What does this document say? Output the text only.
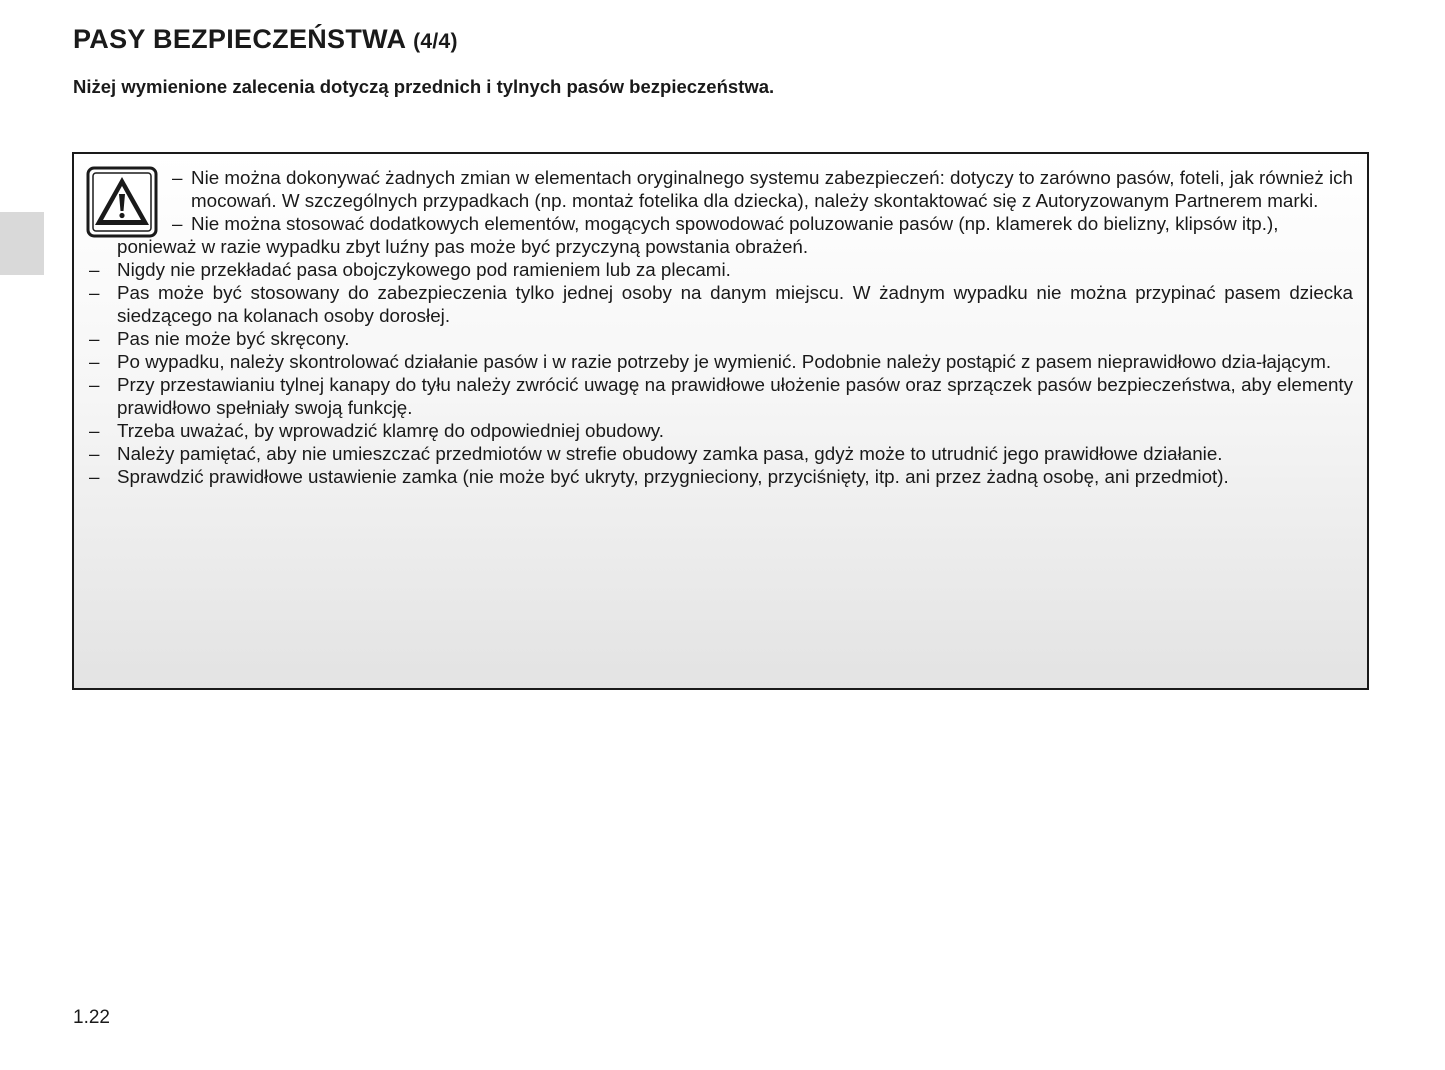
PASY BEZPIECZEŃSTWA (4/4)

Niżej wymienione zalecenia dotyczą przednich i tylnych pasów bezpieczeństwa.

– Nie można dokonywać żadnych zmian w elementach oryginalnego systemu zabezpieczeń: dotyczy to zarówno pasów, foteli, jak również ich mocowań. W szczególnych przypadkach (np. montaż fotelika dla dziecka), należy skontaktować się z Autoryzowanym Partnerem marki.
– Nie można stosować dodatkowych elementów, mogących spowodować poluzowanie pasów (np. klamerek do bielizny, klipsów itp.),
ponieważ w razie wypadku zbyt luźny pas może być przyczyną powstania obrażeń.
– Nigdy nie przekładać pasa obojczykowego pod ramieniem lub za plecami.
– Pas może być stosowany do zabezpieczenia tylko jednej osoby na danym miejscu. W żadnym wypadku nie można przypinać pasem dziecka siedzącego na kolanach osoby dorosłej.
– Pas nie może być skręcony.
– Po wypadku, należy skontrolować działanie pasów i w razie potrzeby je wymienić. Podobnie należy postąpić z pasem nieprawidłowo dzia-łającym.
– Przy przestawianiu tylnej kanapy do tyłu należy zwrócić uwagę na prawidłowe ułożenie pasów oraz sprzączek pasów bezpieczeństwa, aby elementy prawidłowo spełniały swoją funkcję.
– Trzeba uważać, by wprowadzić klamrę do odpowiedniej obudowy.
– Należy pamiętać, aby nie umieszczać przedmiotów w strefie obudowy zamka pasa, gdyż może to utrudnić jego prawidłowe działanie.
– Sprawdzić prawidłowe ustawienie zamka (nie może być ukryty, przygnieciony, przyciśnięty, itp. ani przez żadną osobę, ani przedmiot).
1.22
